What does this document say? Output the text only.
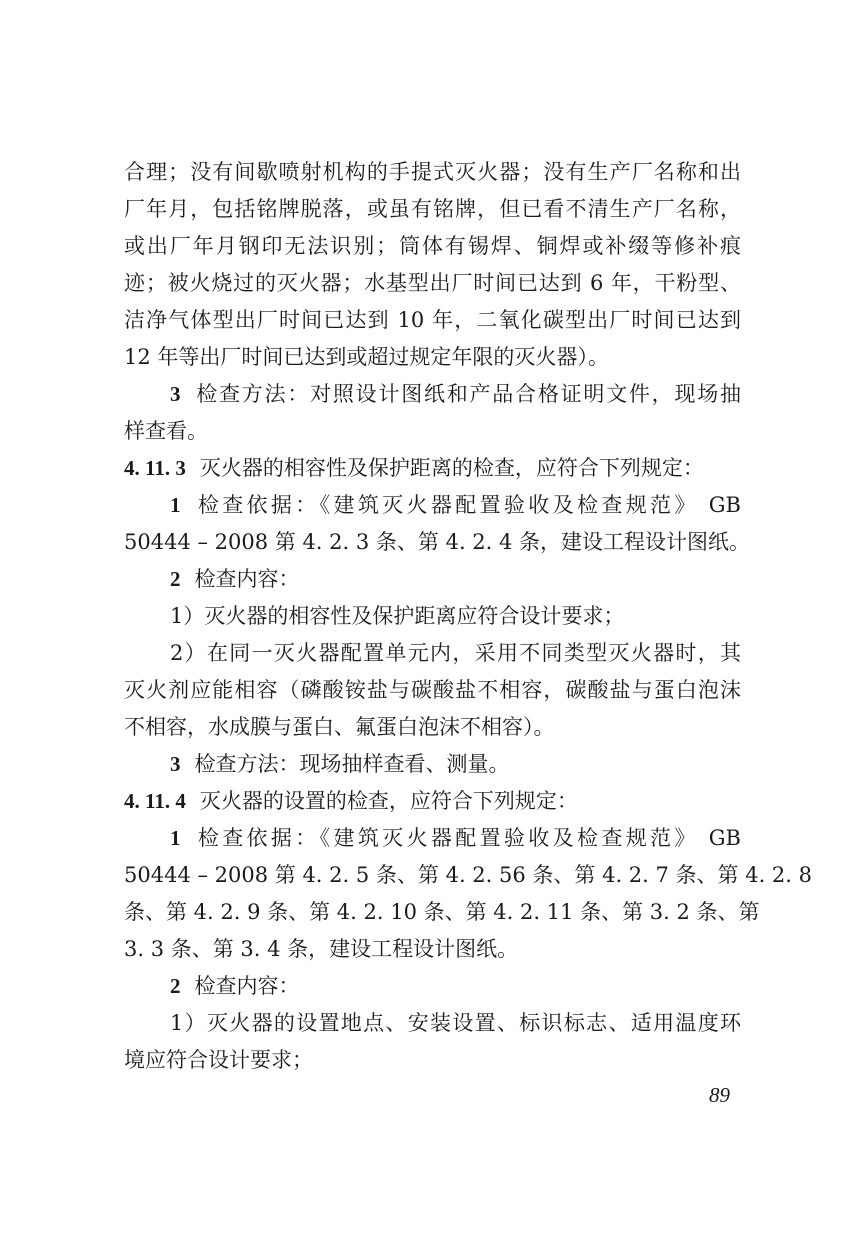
合理；没有间歇喷射机构的手提式灭火器；没有生产厂名称和出
厂年月，包括铭牌脱落，或虽有铭牌，但已看不清生产厂名称，
或出厂年月钢印无法识别；筒体有锡焊、铜焊或补缀等修补痕
迹；被火烧过的灭火器；水基型出厂时间已达到 6 年，干粉型、
洁净气体型出厂时间已达到 10 年，二氧化碳型出厂时间已达到
12 年等出厂时间已达到或超过规定年限的灭火器）。
3 检查方法：对照设计图纸和产品合格证明文件，现场抽
样查看。
4. 11. 3 灭火器的相容性及保护距离的检查，应符合下列规定：
1 检查依据：《建筑灭火器配置验收及检查规范》 GB
50444 – 2008 第 4. 2. 3 条、第 4. 2. 4 条，建设工程设计图纸。
2 检查内容：
1）灭火器的相容性及保护距离应符合设计要求；
2）在同一灭火器配置单元内，采用不同类型灭火器时，其
灭火剂应能相容（磷酸铵盐与碳酸盐不相容，碳酸盐与蛋白泡沫
不相容，水成膜与蛋白、氟蛋白泡沫不相容）。
3 检查方法：现场抽样查看、测量。
4. 11. 4 灭火器的设置的检查，应符合下列规定：
1 检查依据：《建筑灭火器配置验收及检查规范》 GB
50444 – 2008 第 4. 2. 5 条、第 4. 2. 56 条、第 4. 2. 7 条、第 4. 2. 8
条、第 4. 2. 9 条、第 4. 2. 10 条、第 4. 2. 11 条、第 3. 2 条、第
3. 3 条、第 3. 4 条，建设工程设计图纸。
2 检查内容：
1）灭火器的设置地点、安装设置、标识标志、适用温度环
境应符合设计要求；
89
